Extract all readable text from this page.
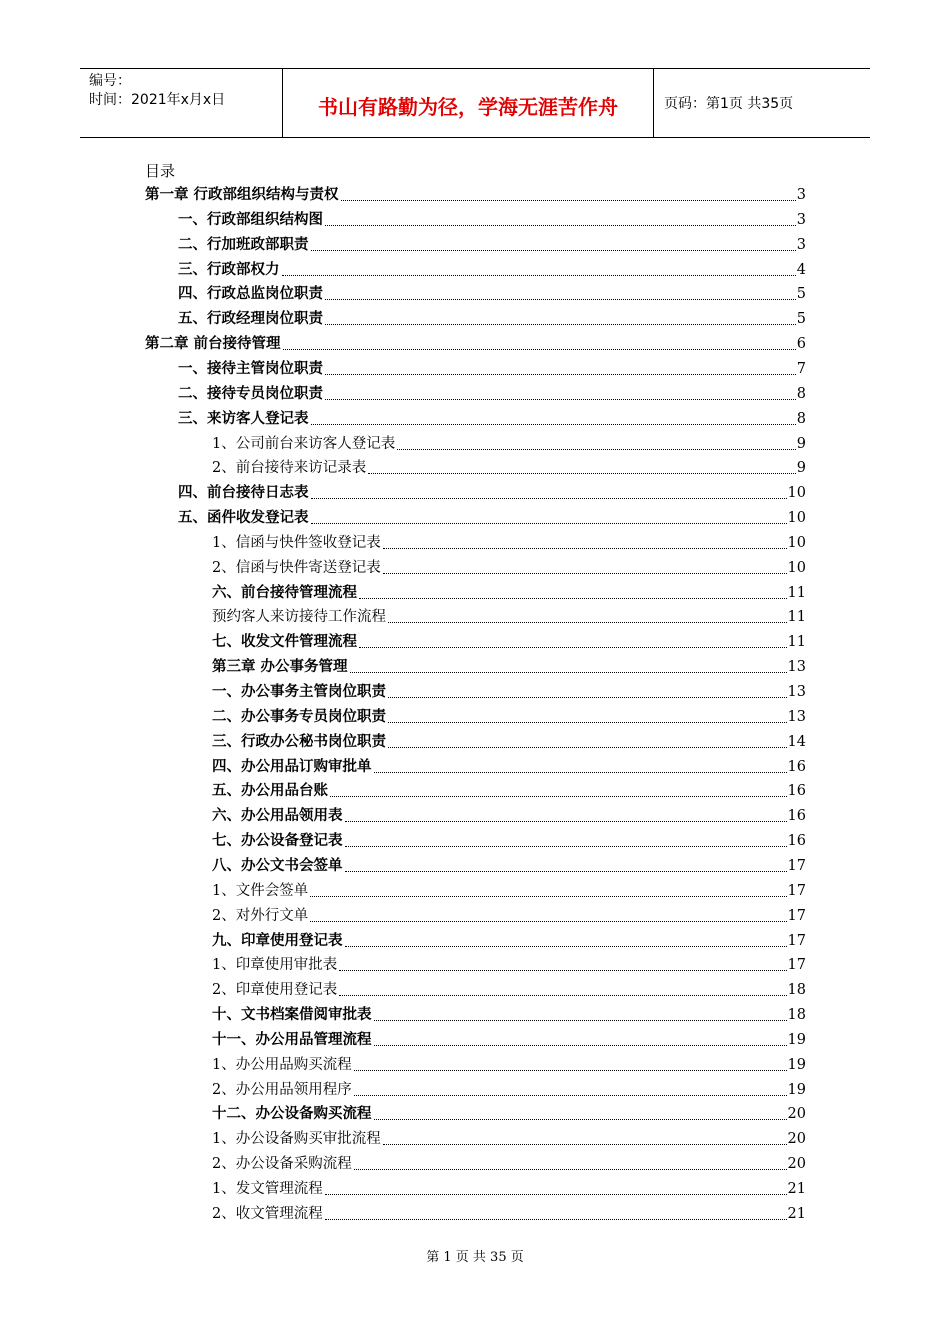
编号：
时间：2021年x月x日	书山有路勤为径，学海无涯苦作舟	页码：第1页 共35页
目录
第一章 行政部组织结构与责权	3
一、行政部组织结构图	3
二、行加班政部职责	3
三、行政部权力	4
四、行政总监岗位职责	5
五、行政经理岗位职责	5
第二章 前台接待管理	6
一、接待主管岗位职责	7
二、接待专员岗位职责	8
三、来访客人登记表	8
1、公司前台来访客人登记表	9
2、前台接待来访记录表	9
四、前台接待日志表	10
五、函件收发登记表	10
1、信函与快件签收登记表	10
2、信函与快件寄送登记表	10
六、前台接待管理流程	11
预约客人来访接待工作流程	11
七、收发文件管理流程	11
第三章 办公事务管理	13
一、办公事务主管岗位职责	13
二、办公事务专员岗位职责	13
三、行政办公秘书岗位职责	14
四、办公用品订购审批单	16
五、办公用品台账	16
六、办公用品领用表	16
七、办公设备登记表	16
八、办公文书会签单	17
1、文件会签单	17
2、对外行文单	17
九、印章使用登记表	17
1、印章使用审批表	17
2、印章使用登记表	18
十、文书档案借阅审批表	18
十一、办公用品管理流程	19
1、办公用品购买流程	19
2、办公用品领用程序	19
十二、办公设备购买流程	20
1、办公设备购买审批流程	20
2、办公设备采购流程	20
1、发文管理流程	21
2、收文管理流程	21
第 1 页 共 35 页
